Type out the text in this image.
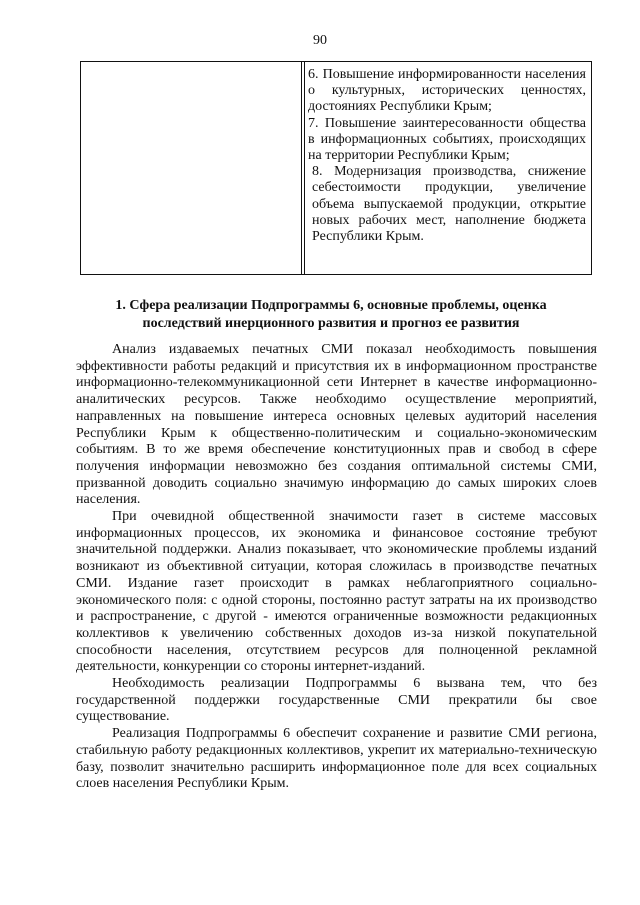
90

6. Повышение информированности населения о культурных, исторических ценностях, достояниях Республики Крым;

7. Повышение заинтересованности общества в информационных событиях, происходящих на территории Республики Крым;

8. Модернизация производства, снижение себестоимости продукции, увеличение объема выпускаемой продукции, открытие новых рабочих мест, наполнение бюджета Республики Крым.

1. Сфера реализации Подпрограммы 6, основные проблемы, оценка последствий инерционного развития и прогноз ее развития

Анализ издаваемых печатных СМИ показал необходимость повышения эффективности работы редакций и присутствия их в информационном пространстве информационно-телекоммуникационной сети Интернет в качестве информационно-аналитических ресурсов. Также необходимо осуществление мероприятий, направленных на повышение интереса основных целевых аудиторий населения Республики Крым к общественно-политическим и социально-экономическим событиям. В то же время обеспечение конституционных прав и свобод в сфере получения информации невозможно без создания оптимальной системы СМИ, призванной доводить социально значимую информацию до самых широких слоев населения.

При очевидной общественной значимости газет в системе массовых информационных процессов, их экономика и финансовое состояние требуют значительной поддержки. Анализ показывает, что экономические проблемы изданий возникают из объективной ситуации, которая сложилась в производстве печатных СМИ. Издание газет происходит в рамках неблагоприятного социально-экономического поля: с одной стороны, постоянно растут затраты на их производство и распространение, с другой - имеются ограниченные возможности редакционных коллективов к увеличению собственных доходов из-за низкой покупательной способности населения, отсутствием ресурсов для полноценной рекламной деятельности, конкуренции со стороны интернет-изданий.

Необходимость реализации Подпрограммы 6 вызвана тем, что без государственной поддержки государственные СМИ прекратили бы свое существование.

Реализация Подпрограммы 6 обеспечит сохранение и развитие СМИ региона, стабильную работу редакционных коллективов, укрепит их материально-техническую базу, позволит значительно расширить информационное поле для всех социальных слоев населения Республики Крым.
